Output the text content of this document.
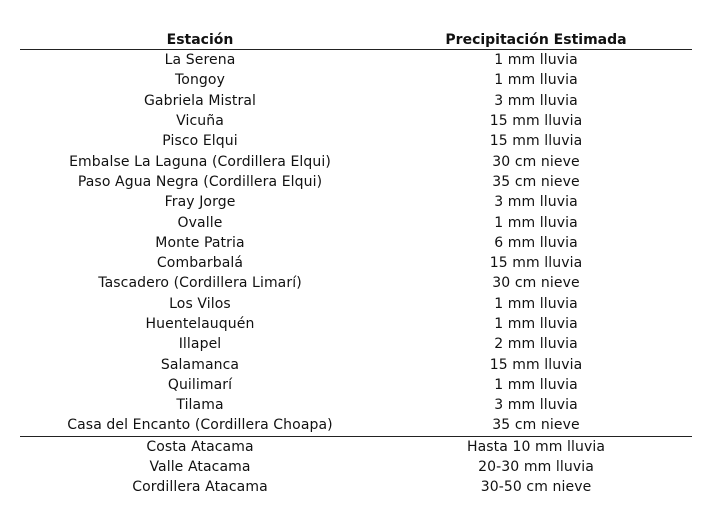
Estación	Precipitación Estimada
La Serena	1 mm lluvia
Tongoy	1 mm lluvia
Gabriela Mistral	3 mm lluvia
Vicuña	15 mm lluvia
Pisco Elqui	15 mm lluvia
Embalse La Laguna (Cordillera Elqui)	30 cm nieve
Paso Agua Negra (Cordillera Elqui)	35 cm nieve
Fray Jorge	3 mm lluvia
Ovalle	1 mm lluvia
Monte Patria	6 mm lluvia
Combarbalá	15 mm lluvia
Tascadero (Cordillera Limarí)	30 cm nieve
Los Vilos	1 mm lluvia
Huentelauquén	1 mm lluvia
Illapel	2 mm lluvia
Salamanca	15 mm lluvia
Quilimarí	1 mm lluvia
Tilama	3 mm lluvia
Casa del Encanto (Cordillera Choapa)	35 cm nieve
Costa Atacama	Hasta 10 mm lluvia
Valle Atacama	20-30 mm lluvia
Cordillera Atacama	30-50 cm nieve
